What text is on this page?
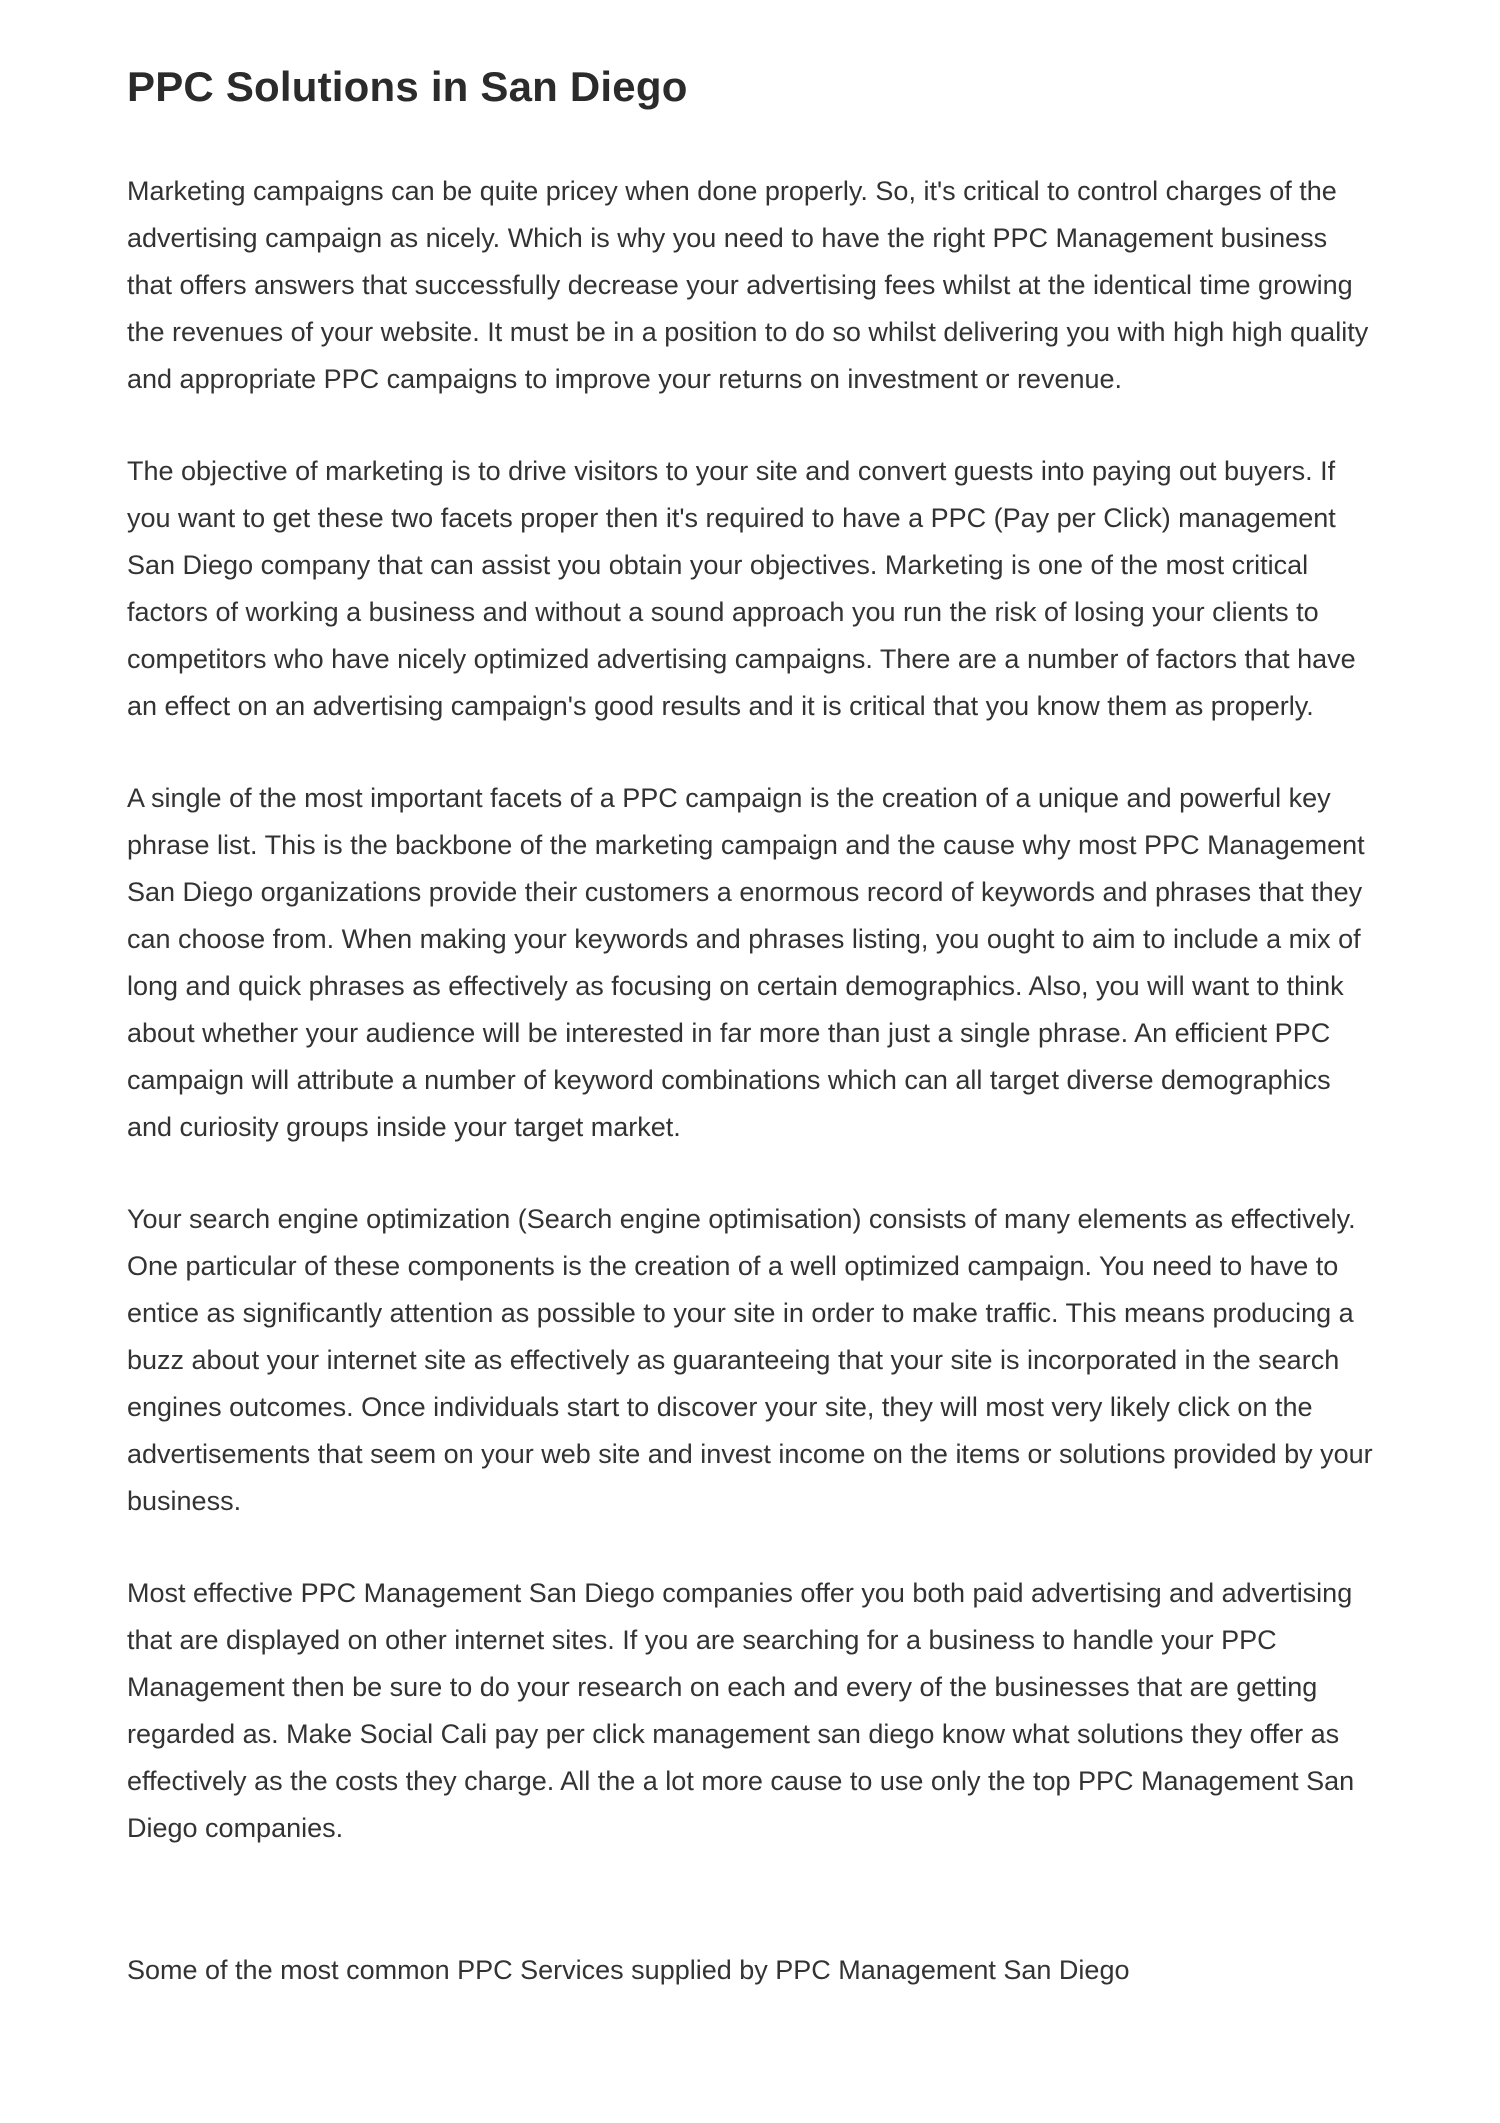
PPC Solutions in San Diego

Marketing campaigns can be quite pricey when done properly. So, it's critical to control charges of the advertising campaign as nicely. Which is why you need to have the right PPC Management business that offers answers that successfully decrease your advertising fees whilst at the identical time growing the revenues of your website. It must be in a position to do so whilst delivering you with high high quality and appropriate PPC campaigns to improve your returns on investment or revenue.

The objective of marketing is to drive visitors to your site and convert guests into paying out buyers. If you want to get these two facets proper then it's required to have a PPC (Pay per Click) management San Diego company that can assist you obtain your objectives. Marketing is one of the most critical factors of working a business and without a sound approach you run the risk of losing your clients to competitors who have nicely optimized advertising campaigns. There are a number of factors that have an effect on an advertising campaign's good results and it is critical that you know them as properly.

A single of the most important facets of a PPC campaign is the creation of a unique and powerful key phrase list. This is the backbone of the marketing campaign and the cause why most PPC Management San Diego organizations provide their customers a enormous record of keywords and phrases that they can choose from. When making your keywords and phrases listing, you ought to aim to include a mix of long and quick phrases as effectively as focusing on certain demographics. Also, you will want to think about whether your audience will be interested in far more than just a single phrase. An efficient PPC campaign will attribute a number of keyword combinations which can all target diverse demographics and curiosity groups inside your target market.

Your search engine optimization (Search engine optimisation) consists of many elements as effectively. One particular of these components is the creation of a well optimized campaign. You need to have to entice as significantly attention as possible to your site in order to make traffic. This means producing a buzz about your internet site as effectively as guaranteeing that your site is incorporated in the search engines outcomes. Once individuals start to discover your site, they will most very likely click on the advertisements that seem on your web site and invest income on the items or solutions provided by your business.

Most effective PPC Management San Diego companies offer you both paid advertising and advertising that are displayed on other internet sites. If you are searching for a business to handle your PPC Management then be sure to do your research on each and every of the businesses that are getting regarded as. Make Social Cali pay per click management san diego know what solutions they offer as effectively as the costs they charge. All the a lot more cause to use only the top PPC Management San Diego companies.

Some of the most common PPC Services supplied by PPC Management San Diego
